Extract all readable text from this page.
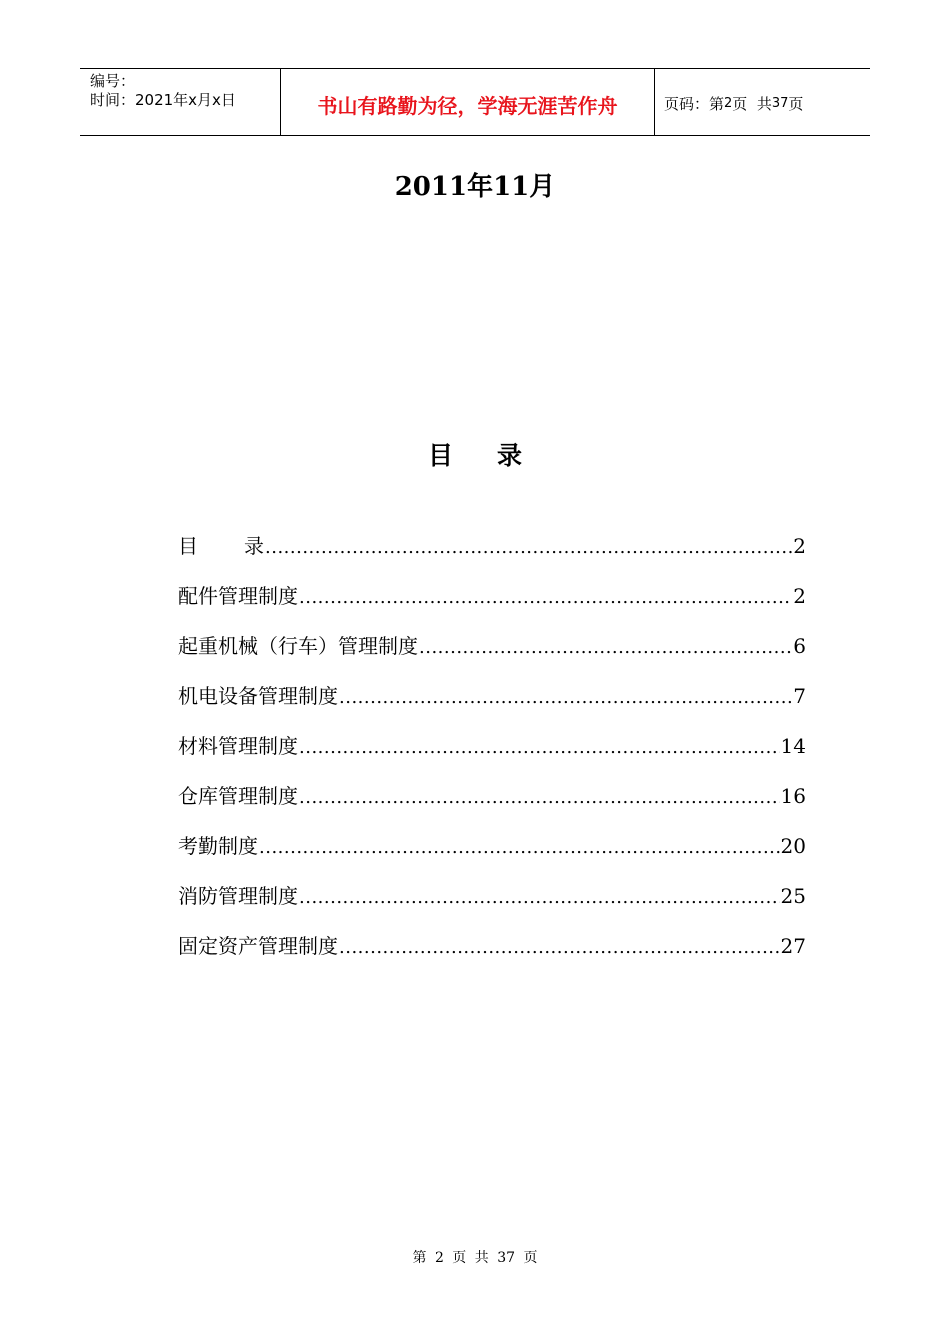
编号：
时间：2021年x月x日	书山有路勤为径，学海无涯苦作舟	页码：第 2 页  共 37 页
2011年11月
目 录
目 录 .....	2
配件管理制度 .....	2
起重机械（行车）管理制度 .....	6
机电设备管理制度 .....	7
材料管理制度 .....	14
仓库管理制度 .....	16
考勤制度 .....	20
消防管理制度 .....	25
固定资产管理制度 .....	27
第 2 页 共 37 页
